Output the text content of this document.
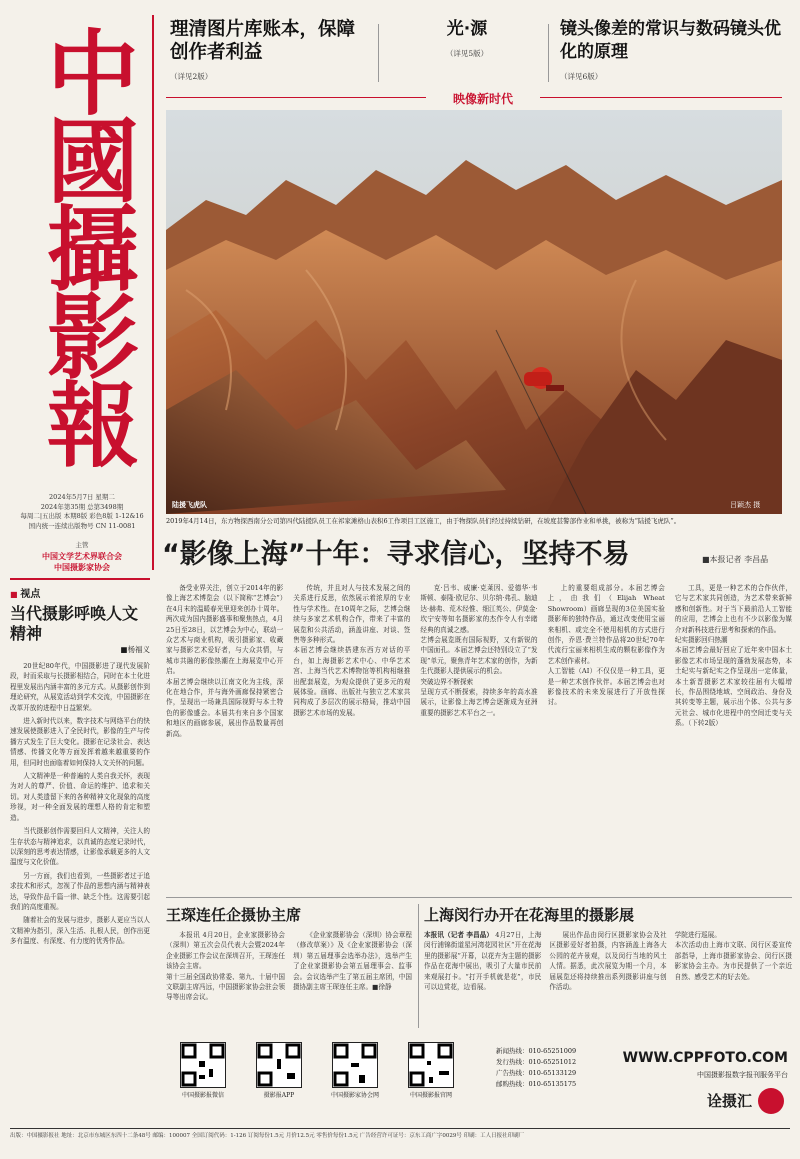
中國攝影報
2024年5月7日 星期二
2024年第35期 总第3498期
每周二|五出版 本期8版 彩色8版 1-12&16
国内统一连续出版物号 CN 11-0081
主管
中国文学艺术界联合会
中国摄影家协会
理清图片库账本，保障创作者利益
（详见2版）
光·源
（详见5版）
镜头像差的常识与数码镜头优化的原理
（详见6版）
映像新时代
陆援飞虎队	吕颖杰 摄
2019年4月14日，东方物探西南分公司第四代陆援队员工在祁家滩格山表积6工作项目工区施工，由于物探队员们经过持续钻研，在坡度甚警部作业和单挑，被称为“陆援飞虎队”。
“影像上海”十年：寻求信心，坚持不易	■本报记者 李昌晶
■ 视点
当代摄影呼唤人文精神
■杨福义

20世纪80年代，中国摄影进了现代发展阶段，时而采取与长摄影相结合，同时在本土化进程里发展出内涵丰富的多元方式。从摄影创作到理论研究，从展览活动到学术交流，中国摄影在改革开放的进程中日益繁荣。

进入新时代以来，数字技术与网络平台的快速发展使摄影进入了全民时代，影像的生产与传播方式发生了巨大变化。摄影在记录社会、表达情感、传播文化等方面发挥着越来越重要的作用，但同时也面临着如何保持人文关怀的问题。

人文精神是一种普遍的人类自我关怀，表现为对人的尊严、价值、命运的维护、追求和关切。对人类遗留下来的各种精神文化现象的高度珍视，对一种全面发展的理想人格的肯定和塑造。

当代摄影创作需要回归人文精神，关注人的生存状态与精神追求，以真诚的态度记录时代，以深刻的思考表达情感，让影像承载更多的人文温度与文化价值。

另一方面，我们也看到，一些摄影者过于追求技术和形式，忽视了作品的思想内涵与精神表达，导致作品千篇一律、缺乏个性。这需要引起我们的高度重视。

随着社会的发展与进步，摄影人更应当以人文精神为指引，深入生活、扎根人民，创作出更多有温度、有深度、有力度的优秀作品。

备受业界关注，创立于2014年的影像上海艺术博览会（以下简称“艺博会”）在4月末的温暖春光里迎来创办十周年。两次成为国内摄影盛事和聚焦热点，4月25日至28日，以艺博会为中心，联动一众艺术与商业机构，吸引摄影家、收藏家与摄影艺术爱好者，与大众共情，与城市共融的影像热潮在上海展览中心开启。
本届艺博会继续以江南文化为主线，深化在地合作，并与海外画廊保持紧密合作，呈现出一场兼具国际视野与本土特色的影像盛会。本届共有来自多个国家和地区的画廊参展，展出作品数量再创新高。
传统，并且对人与技术发展之间的关系进行反思，依然展示着浓厚的专业性与学术性。在10周年之际，艺博会继续与多家艺术机构合作，带来了丰富的展览和公共活动，涵盖讲座、对谈、签售等多种形式。
本届艺博会继续搭建东西方对话的平台，如上海摄影艺术中心、中华艺术宫、上海当代艺术博物馆等机构相继推出配套展览，为观众提供了更多元的观展体验。画廊、出版社与独立艺术家共同构成了多层次的展示格局，推动中国摄影艺术市场的发展。
克·吕韦、威廉·克莱因、爱德华·韦斯顿、泰隆·欧尼尔、贝尔纳·弗孔、脑迪达·赫弗、荒木经惟、细江英公、伊莫金·坎宁安等知名摄影家的杰作令人有幸睹经典的真诚之感。
艺博会展览既有国际视野，又有新锐的中国面孔。本届艺博会还特别设立了“发现”单元，聚焦青年艺术家的创作，为新生代摄影人提供展示的机会。
突破边界不断探索
呈现方式不断探索，持续多年的高水准展示，让影像上海艺博会逐渐成为亚洲重要的摄影艺术平台之一。
上的重要组成部分。本届艺博会上，由我们（Elijah Wheat Showroom）画廊呈现的3位美国实验摄影师的独特作品，通过改变使用宝丽来相机、或完全不使用相机的方式进行创作，乔恩·费兰特作品将20世纪70年代流行宝丽来相机生成的颗粒影像作为艺术创作素材。
人工智能（AI）不仅仅是一种工具，更是一种艺术创作伙伴。本届艺博会也对影像技术的未来发展进行了开放性探讨。
工具，更是一种艺术的合作伙伴，它与艺术家共同创造，为艺术带来新鲜感和创新性。对于当下最前沿人工智能的应用，艺博会上也有不少以影像为媒介对新科技进行思考和探索的作品。
纪实摄影回归热潮
本届艺博会最好回应了近年来中国本土影像艺术市场呈现的蓬勃发展态势，本土纪实与新纪实之作呈现出一定体量，本土新晋摄影艺术家较往届有大幅增长，作品围绕地域、空间政治、身份及其转变等主题，展示出个体、公共与多元社会、城市化进程中的空间迁变与关系。（下转2版）
王琛连任企摄协主席
本报讯 4月20日，企业家摄影协会（深圳）第五次会员代表大会暨2024年企业摄影工作会议在深圳召开，王琛连任该协会主席。
第十三届全国政协常委、第九、十届中国文联副主席冯远，中国摄影家协会驻会领导等出席会议。
《企业家摄影协会（深圳）协会章程（修改草案）》及《企业家摄影协会（深圳）第五届理事会选举办法》，选举产生了企业家摄影协会第五届理事会、监事会。会议选举产生了第五届主席团，中国摄协副主席王琛连任主席。■徐静
上海闵行办开在花海里的摄影展
本报讯（记者 李昌晶） 4月27日，上海闵行浦锦街道星河湾花园社区“开在花海里的摄影展”开幕，以花卉为主题的摄影作品在花海中展出，吸引了大量市民前来观展打卡。“打开手机就是花”，市民可以边赏花，边看展。
展出作品由闵行区摄影家协会及社区摄影爱好者拍摄，内容涵盖上海各大公园的花卉景观，以及闵行当地的风土人情。据悉，此次展览为期一个月，本届展览还将持续推出系列摄影讲座与创作活动。
学院进行巡展。
本次活动由上海市文联、闵行区委宣传部指导，上海市摄影家协会、闵行区摄影家协会主办。为市民提供了一个亲近自然、感受艺术的好去处。
中国摄影报微信	摄影报APP	中国摄影家协会网	中国摄影报官网
新闻热线：010-65251009
发行热线：010-65251012
广告热线：010-65133129
邮购热线：010-65135175
WWW.CPPFOTO.COM
中国摄影报数字报刊服务平台
诠摄汇
出版：中国摄影报社 地址：北京市东城区东四十二条48号 邮编：100007 全国订阅代码：1-126 订阅每份1.5元 月价12.5元 零售价每份1.5元 广告经营许可证号：京东工商广字0029号 印刷：工人日报社印刷厂
